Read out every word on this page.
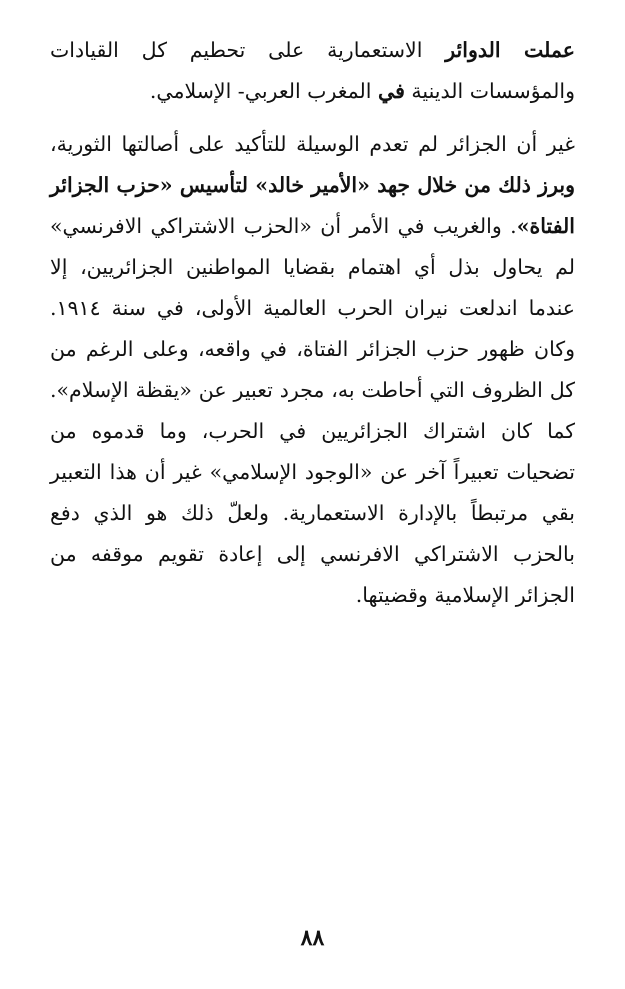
عملت الدوائر الاستعمارية على تحطيم كل القيادات والمؤسسات الدينية في المغرب العربي- الإسلامي.

غير أن الجزائر لم تعدم الوسيلة للتأكيد على أصالتها الثورية، وبرز ذلك من خلال جهد «الأمير خالد» لتأسيس «حزب الجزائر الفتاة». والغريب في الأمر أن «الحزب الاشتراكي الافرنسي» لم يحاول بذل أي اهتمام بقضايا المواطنين الجزائريين، إلا عندما اندلعت نيران الحرب العالمية الأولى، في سنة ١٩١٤. وكان ظهور حزب الجزائر الفتاة، في واقعه، وعلى الرغم من كل الظروف التي أحاطت به، مجرد تعبير عن «يقظة الإسلام». كما كان اشتراك الجزائريين في الحرب، وما قدموه من تضحيات تعبيراً آخر عن «الوجود الإسلامي» غير أن هذا التعبير بقي مرتبطاً بالإدارة الاستعمارية. ولعلّ ذلك هو الذي دفع بالحزب الاشتراكي الافرنسي إلى إعادة تقويم موقفه من الجزائر الإسلامية وقضيتها.

٨٨
